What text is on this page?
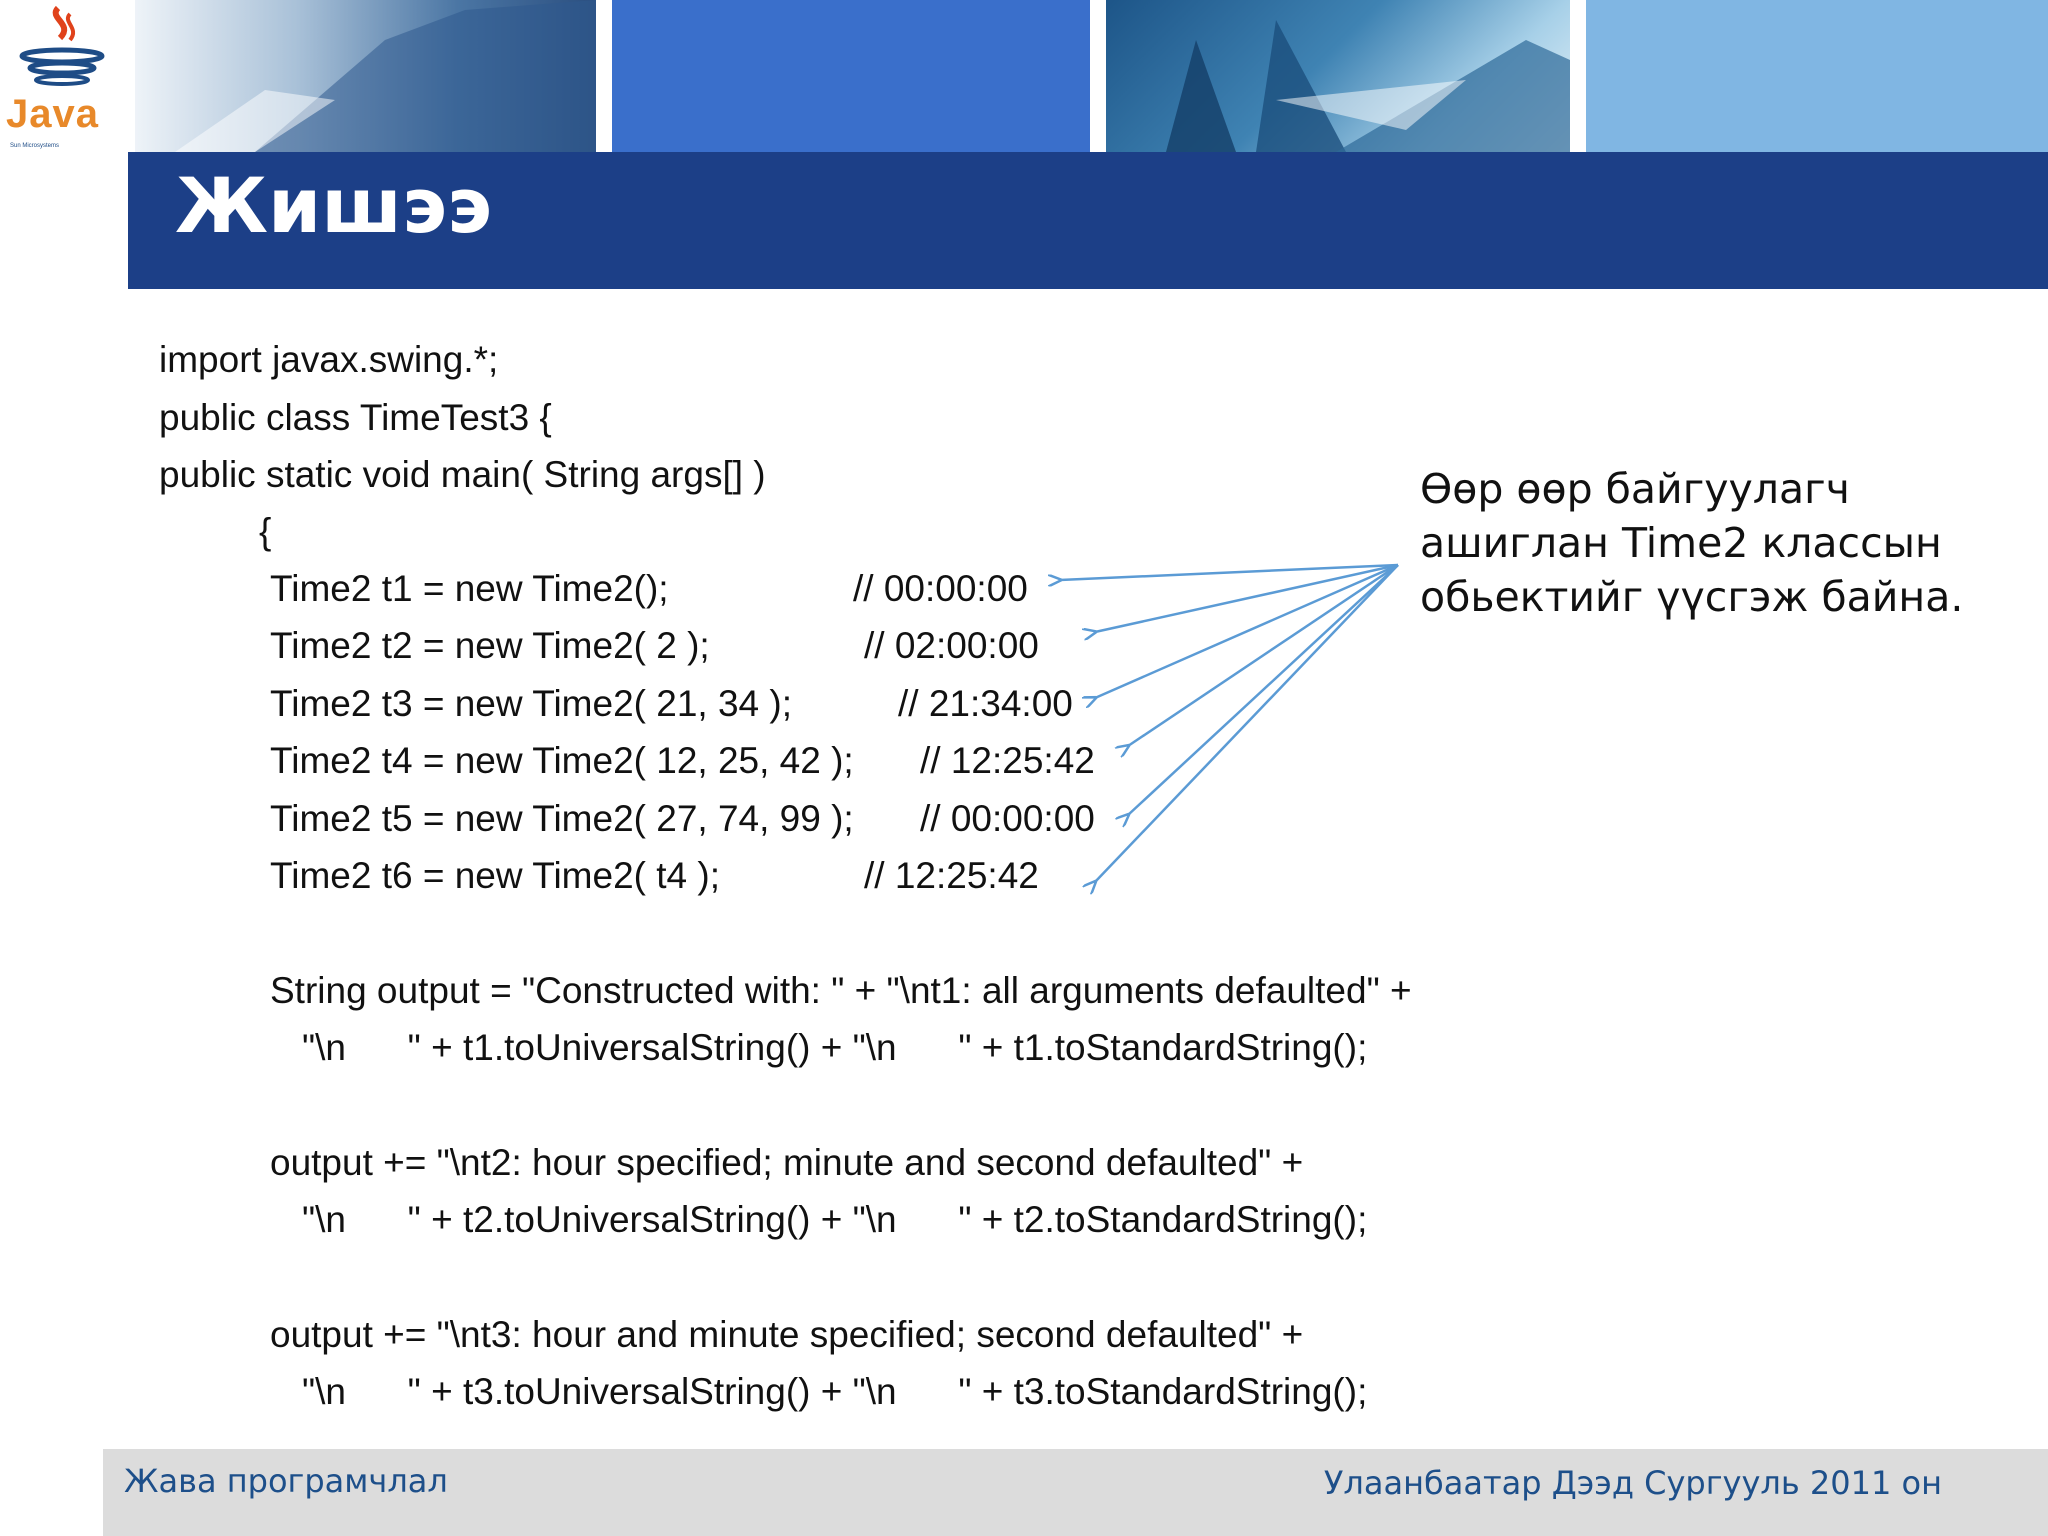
Java
Sun Microsystems
Жишээ
import javax.swing.*;
public class TimeTest3 {
public static void main( String args[] )
{
Time2 t1 = new Time2();	// 00:00:00
Time2 t2 = new Time2( 2 );	// 02:00:00
Time2 t3 = new Time2( 21, 34 );	// 21:34:00
Time2 t4 = new Time2( 12, 25, 42 ); // 12:25:42
Time2 t5 = new Time2( 27, 74, 99 ); // 00:00:00
Time2 t6 = new Time2( t4 );	// 12:25:42
String output = "Constructed with: " + "\nt1: all arguments defaulted" +
"\n      " + t1.toUniversalString() + "\n      " + t1.toStandardString();
output += "\nt2: hour specified; minute and second defaulted" +
"\n      " + t2.toUniversalString() + "\n      " + t2.toStandardString();
output += "\nt3: hour and minute specified; second defaulted" +
"\n      " + t3.toUniversalString() + "\n      " + t3.toStandardString();
Өөр өөр байгуулагч
ашиглан Time2 классын
обьектийг үүсгэж байна.
Жава програмчлал	Улаанбаатар Дээд Сургууль 2011 он
